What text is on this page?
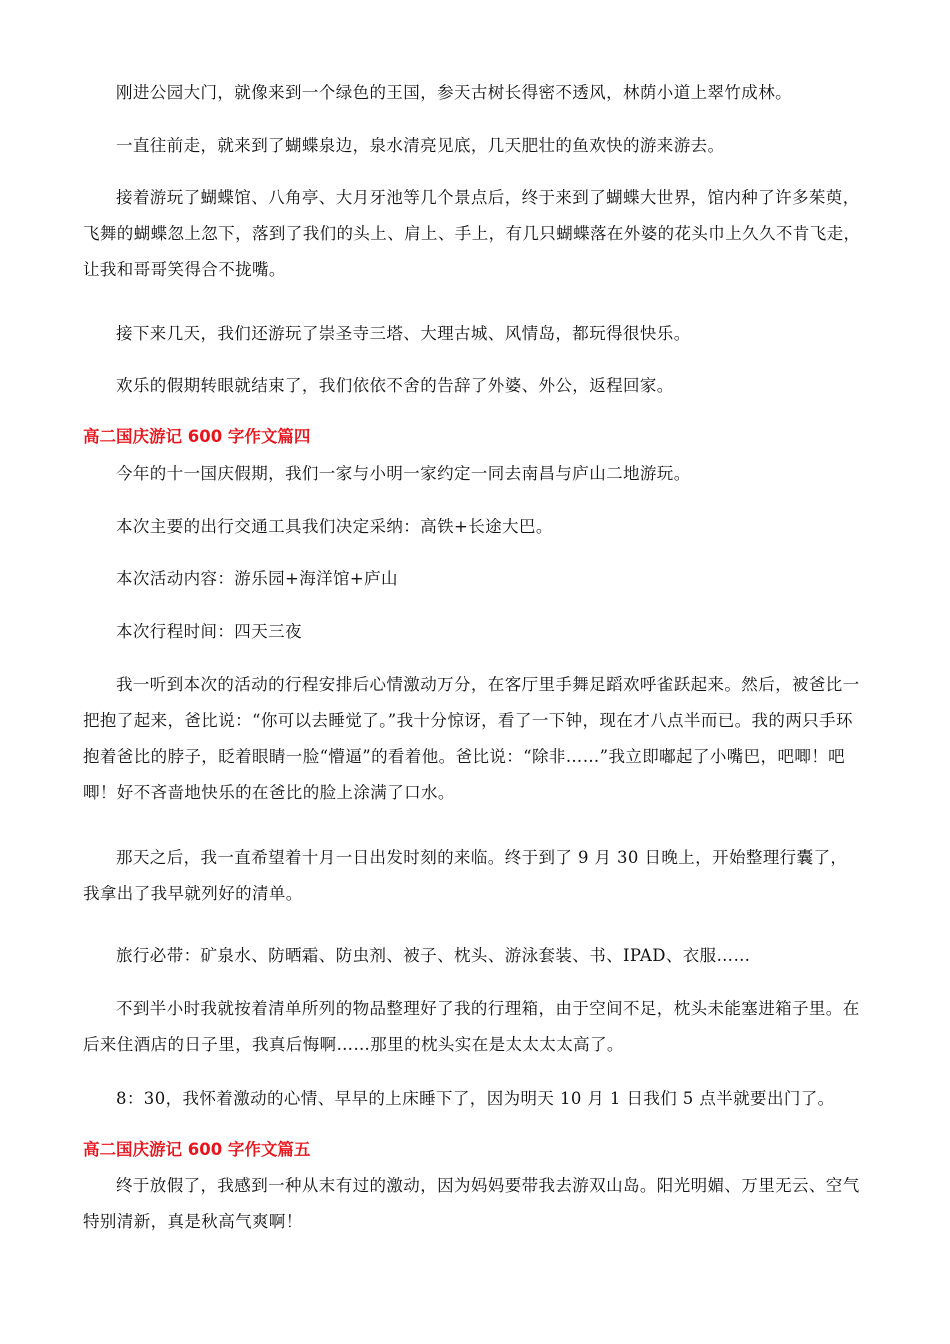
刚进公园大门，就像来到一个绿色的王国，参天古树长得密不透风，林荫小道上翠竹成林。

一直往前走，就来到了蝴蝶泉边，泉水清亮见底，几天肥壮的鱼欢快的游来游去。

接着游玩了蝴蝶馆、八角亭、大月牙池等几个景点后，终于来到了蝴蝶大世界，馆内种了许多茱萸，飞舞的蝴蝶忽上忽下，落到了我们的头上、肩上、手上，有几只蝴蝶落在外婆的花头巾上久久不肯飞走，让我和哥哥笑得合不拢嘴。

接下来几天，我们还游玩了崇圣寺三塔、大理古城、风情岛，都玩得很快乐。

欢乐的假期转眼就结束了，我们依依不舍的告辞了外婆、外公，返程回家。

高二国庆游记 600 字作文篇四

今年的十一国庆假期，我们一家与小明一家约定一同去南昌与庐山二地游玩。

本次主要的出行交通工具我们决定采纳：高铁+长途大巴。

本次活动内容：游乐园+海洋馆+庐山

本次行程时间：四天三夜

我一听到本次的活动的行程安排后心情激动万分，在客厅里手舞足蹈欢呼雀跃起来。然后，被爸比一把抱了起来，爸比说：“你可以去睡觉了。”我十分惊讶，看了一下钟，现在才八点半而已。我的两只手环抱着爸比的脖子，眨着眼睛一脸“懵逼”的看着他。爸比说：“除非……”我立即嘟起了小嘴巴，吧唧！吧唧！好不吝啬地快乐的在爸比的脸上涂满了口水。

那天之后，我一直希望着十月一日出发时刻的来临。终于到了 9 月 30 日晚上，开始整理行囊了，我拿出了我早就列好的清单。

旅行必带：矿泉水、防晒霜、防虫剂、被子、枕头、游泳套装、书、IPAD、衣服……

不到半小时我就按着清单所列的物品整理好了我的行理箱，由于空间不足，枕头未能塞进箱子里。在后来住酒店的日子里，我真后悔啊……那里的枕头实在是太太太太高了。

8：30，我怀着激动的心情、早早的上床睡下了，因为明天 10 月 1 日我们 5 点半就要出门了。

高二国庆游记 600 字作文篇五

终于放假了，我感到一种从末有过的激动，因为妈妈要带我去游双山岛。阳光明媚、万里无云、空气特别清新，真是秋高气爽啊！
